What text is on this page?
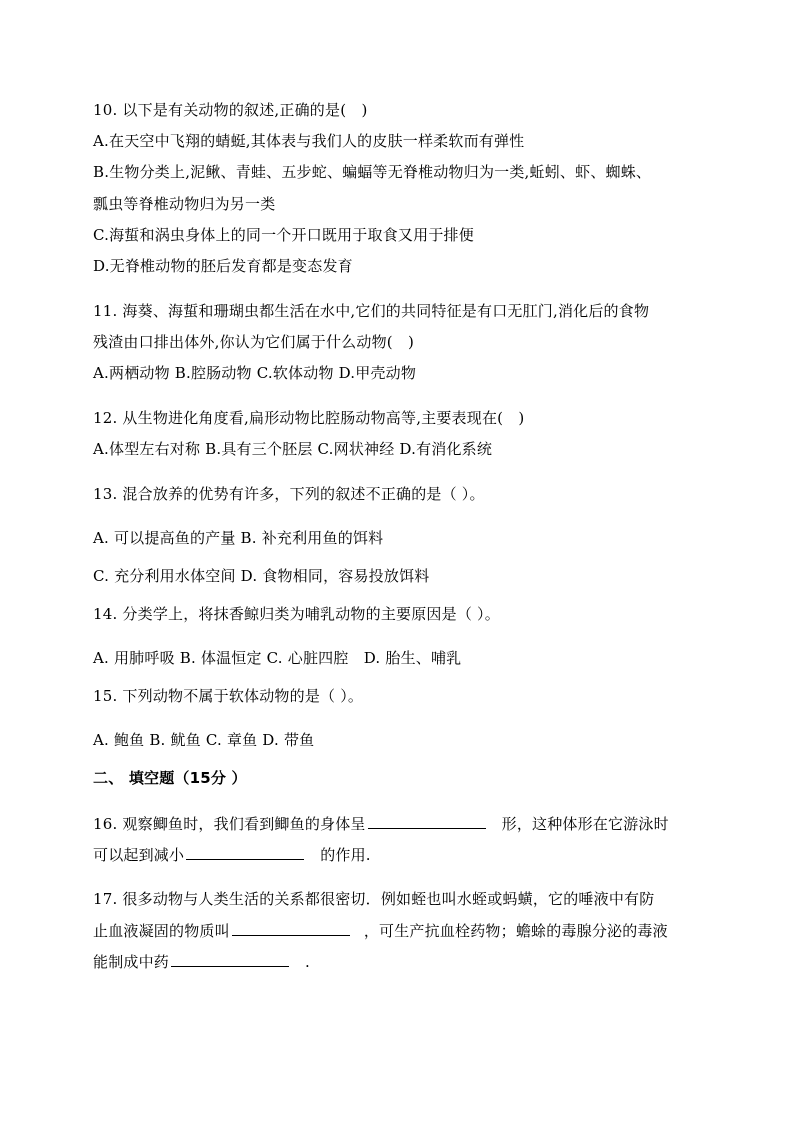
10. 以下是有关动物的叙述,正确的是(　)
A.在天空中飞翔的蜻蜓,其体表与我们人的皮肤一样柔软而有弹性
B.生物分类上,泥鳅、青蛙、五步蛇、蝙蝠等无脊椎动物归为一类,蚯蚓、虾、蜘蛛、
瓢虫等脊椎动物归为另一类
C.海蜇和涡虫身体上的同一个开口既用于取食又用于排便
D.无脊椎动物的胚后发育都是变态发育
11. 海葵、海蜇和珊瑚虫都生活在水中,它们的共同特征是有口无肛门,消化后的食物
残渣由口排出体外,你认为它们属于什么动物(　)
A.两栖动物 B.腔肠动物 C.软体动物 D.甲壳动物
12. 从生物进化角度看,扁形动物比腔肠动物高等,主要表现在(　)
A.体型左右对称 B.具有三个胚层 C.网状神经 D.有消化系统
13. 混合放养的优势有许多，下列的叙述不正确的是（ ）。
A. 可以提高鱼的产量 B. 补充利用鱼的饵料
C. 充分利用水体空间 D. 食物相同，容易投放饵料
14. 分类学上，将抹香鲸归类为哺乳动物的主要原因是（ ）。
A. 用肺呼吸 B. 体温恒定 C. 心脏四腔　D. 胎生、哺乳
15. 下列动物不属于软体动物的是（ ）。
A. 鲍鱼 B. 鱿鱼 C. 章鱼 D. 带鱼
二、 填空题（15分 ）
16. 观察鲫鱼时，我们看到鲫鱼的身体呈	形，这种体形在它游泳时
可以起到减小	的作用.
17. 很多动物与人类生活的关系都很密切．例如蛭也叫水蛭或蚂蟥，它的唾液中有防
止血液凝固的物质叫	，可生产抗血栓药物；蟾蜍的毒腺分泌的毒液
能制成中药	.
